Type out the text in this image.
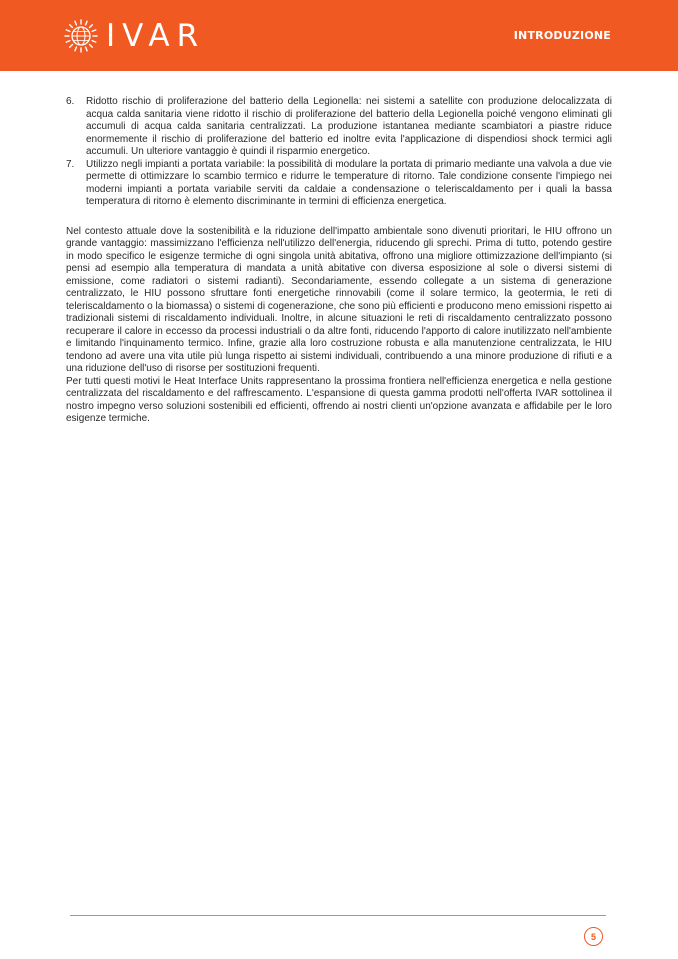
IVAR	INTRODUZIONE
6. Ridotto rischio di proliferazione del batterio della Legionella: nei sistemi a satellite con produzione delocalizzata di acqua calda sanitaria viene ridotto il rischio di proliferazione del batterio della Legionella poiché vengono eliminati gli accumuli di acqua calda sanitaria centralizzati. La produzione istantanea mediante scambiatori a piastre riduce enormemente il rischio di proliferazione del batterio ed inoltre evita l'applicazione di dispendiosi shock termici agli accumuli. Un ulteriore vantaggio è quindi il risparmio energetico.
7. Utilizzo negli impianti a portata variabile: la possibilità di modulare la portata di primario mediante una valvola a due vie permette di ottimizzare lo scambio termico e ridurre le temperature di ritorno. Tale condizione consente l'impiego nei moderni impianti a portata variabile serviti da caldaie a condensazione o teleriscaldamento per i quali la bassa temperatura di ritorno è elemento discriminante in termini di efficienza energetica.

Nel contesto attuale dove la sostenibilità e la riduzione dell'impatto ambientale sono divenuti prioritari, le HIU offrono un grande vantaggio: massimizzano l'efficienza nell'utilizzo dell'energia, riducendo gli sprechi. Prima di tutto, potendo gestire in modo specifico le esigenze termiche di ogni singola unità abitativa, offrono una migliore ottimizzazione dell'impianto (si pensi ad esempio alla temperatura di mandata a unità abitative con diversa esposizione al sole o diversi sistemi di emissione, come radiatori o sistemi radianti). Secondariamente, essendo collegate a un sistema di generazione centralizzato, le HIU possono sfruttare fonti energetiche rinnovabili (come il solare termico, la geotermia, le reti di teleriscaldamento o la biomassa) o sistemi di cogenerazione, che sono più efficienti e producono meno emissioni rispetto ai tradizionali sistemi di riscaldamento individuali. Inoltre, in alcune situazioni le reti di riscaldamento centralizzato possono recuperare il calore in eccesso da processi industriali o da altre fonti, riducendo l'apporto di calore inutilizzato nell'ambiente e limitando l'inquinamento termico. Infine, grazie alla loro costruzione robusta e alla manutenzione centralizzata, le HIU tendono ad avere una vita utile più lunga rispetto ai sistemi individuali, contribuendo a una minore produzione di rifiuti e a una riduzione dell'uso di risorse per sostituzioni frequenti.

Per tutti questi motivi le Heat Interface Units rappresentano la prossima frontiera nell'efficienza energetica e nella gestione centralizzata del riscaldamento e del raffrescamento. L'espansione di questa gamma prodotti nell'offerta IVAR sottolinea il nostro impegno verso soluzioni sostenibili ed efficienti, offrendo ai nostri clienti un'opzione avanzata e affidabile per le loro esigenze termiche.

5
